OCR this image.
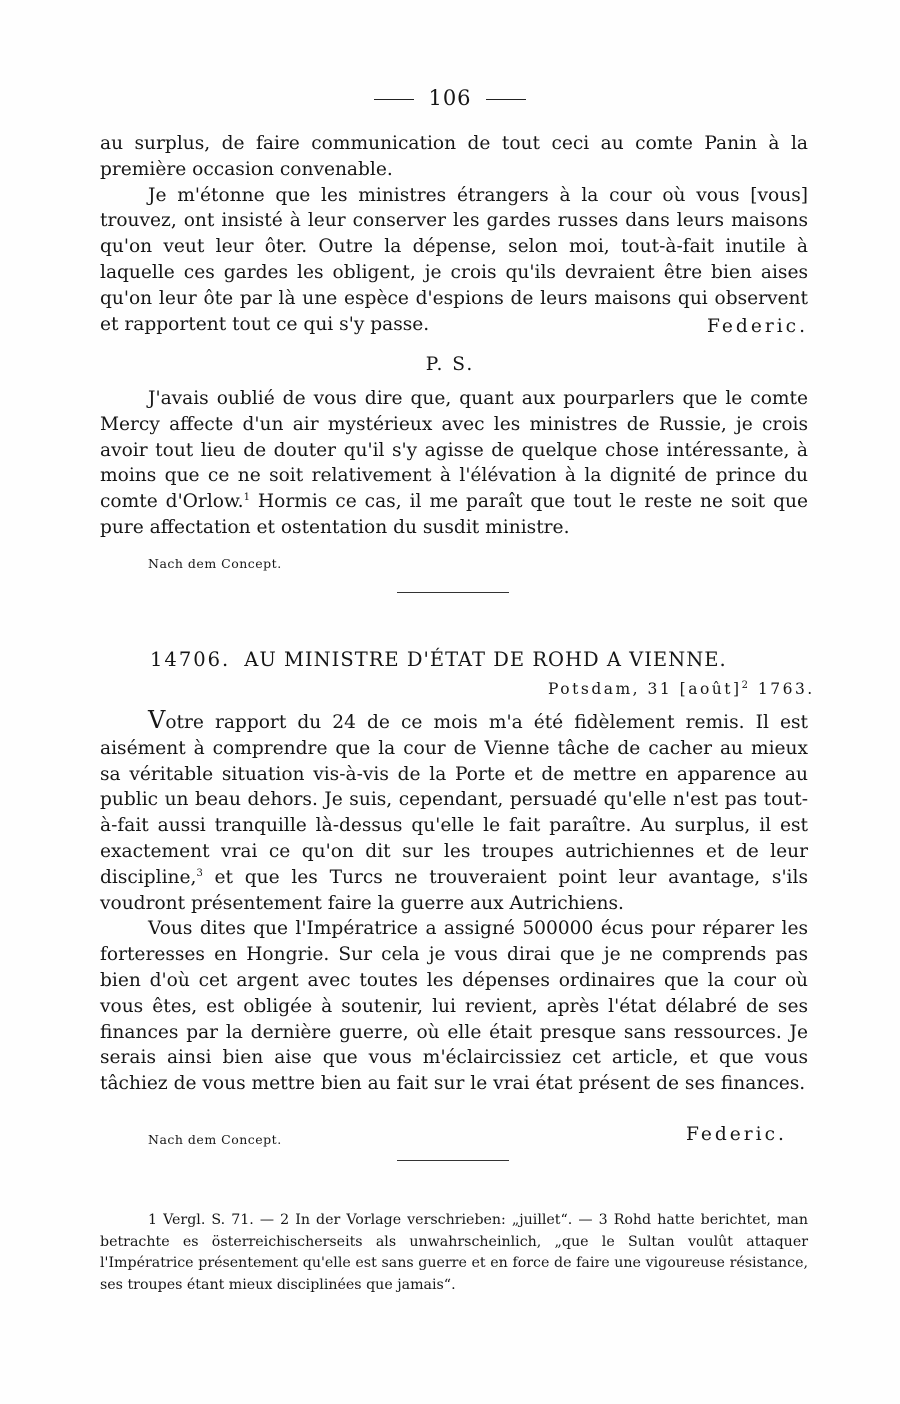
106

au surplus, de faire communication de tout ceci au comte Panin à la première occasion convenable.

Je m'étonne que les ministres étrangers à la cour où vous [vous] trouvez, ont insisté à leur conserver les gardes russes dans leurs maisons qu'on veut leur ôter. Outre la dépense, selon moi, tout-à-fait inutile à laquelle ces gardes les obligent, je crois qu'ils devraient être bien aises qu'on leur ôte par là une espèce d'espions de leurs maisons qui observent et rapportent tout ce qui s'y passe.	Federic.

P. S.

J'avais oublié de vous dire que, quant aux pourparlers que le comte Mercy affecte d'un air mystérieux avec les ministres de Russie, je crois avoir tout lieu de douter qu'il s'y agisse de quelque chose intéressante, à moins que ce ne soit relativement à l'élévation à la dignité de prince du comte d'Orlow.$^1$ Hormis ce cas, il me paraît que tout le reste ne soit que pure affectation et ostentation du susdit ministre.

Nach dem Concept.
14706. AU MINISTRE D'ÉTAT DE ROHD A VIENNE.
Potsdam, 31 [août]$^2$ 1763.

Votre rapport du 24 de ce mois m'a été fidèlement remis. Il est aisément à comprendre que la cour de Vienne tâche de cacher au mieux sa véritable situation vis-à-vis de la Porte et de mettre en apparence au public un beau dehors. Je suis, cependant, persuadé qu'elle n'est pas tout-à-fait aussi tranquille là-dessus qu'elle le fait paraître. Au surplus, il est exactement vrai ce qu'on dit sur les troupes autrichiennes et de leur discipline,$^3$ et que les Turcs ne trouveraient point leur avantage, s'ils voudront présentement faire la guerre aux Autrichiens.

Vous dites que l'Impératrice a assigné 500000 écus pour réparer les forteresses en Hongrie. Sur cela je vous dirai que je ne comprends pas bien d'où cet argent avec toutes les dépenses ordinaires que la cour où vous êtes, est obligée à soutenir, lui revient, après l'état délabré de ses finances par la dernière guerre, où elle était presque sans ressources. Je serais ainsi bien aise que vous m'éclaircissiez cet article, et que vous tâchiez de vous mettre bien au fait sur le vrai état présent de ses finances.

Nach dem Concept.	Federic.

1 Vergl. S. 71. — 2 In der Vorlage verschrieben: „juillet“. — 3 Rohd hatte berichtet, man betrachte es österreichischerseits als unwahrscheinlich, „que le Sultan voulût attaquer l'Impératrice présentement qu'elle est sans guerre et en force de faire une vigoureuse résistance, ses troupes étant mieux disciplinées que jamais“.
